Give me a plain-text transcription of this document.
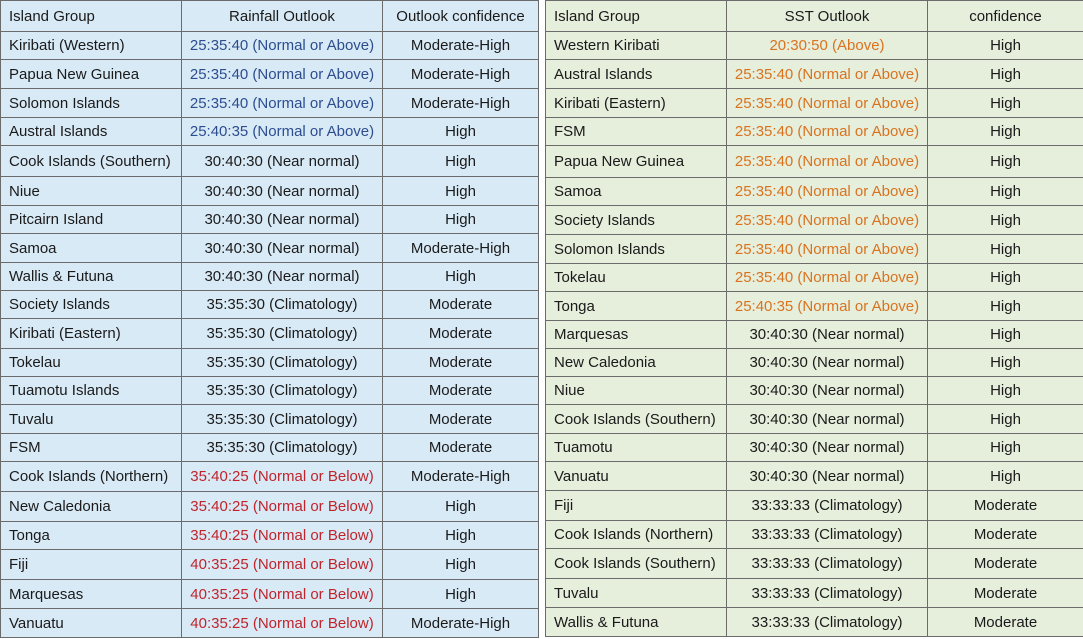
Island Group	Rainfall Outlook	Outlook confidence
Kiribati (Western)	25:35:40 (Normal or Above)	Moderate-High
Papua New Guinea	25:35:40 (Normal or Above)	Moderate-High
Solomon Islands	25:35:40 (Normal or Above)	Moderate-High
Austral Islands	25:40:35 (Normal or Above)	High
Cook Islands (Southern)	30:40:30 (Near normal)	High
Niue	30:40:30 (Near normal)	High
Pitcairn Island	30:40:30 (Near normal)	High
Samoa	30:40:30 (Near normal)	Moderate-High
Wallis & Futuna	30:40:30 (Near normal)	High
Society Islands	35:35:30 (Climatology)	Moderate
Kiribati (Eastern)	35:35:30 (Climatology)	Moderate
Tokelau	35:35:30 (Climatology)	Moderate
Tuamotu Islands	35:35:30 (Climatology)	Moderate
Tuvalu	35:35:30 (Climatology)	Moderate
FSM	35:35:30 (Climatology)	Moderate
Cook Islands (Northern)	35:40:25 (Normal or Below)	Moderate-High
New Caledonia	35:40:25 (Normal or Below)	High
Tonga	35:40:25 (Normal or Below)	High
Fiji	40:35:25 (Normal or Below)	High
Marquesas	40:35:25 (Normal or Below)	High
Vanuatu	40:35:25 (Normal or Below)	Moderate-High
Island Group	SST Outlook	confidence
Western Kiribati	20:30:50 (Above)	High
Austral Islands	25:35:40 (Normal or Above)	High
Kiribati (Eastern)	25:35:40 (Normal or Above)	High
FSM	25:35:40 (Normal or Above)	High
Papua New Guinea	25:35:40 (Normal or Above)	High
Samoa	25:35:40 (Normal or Above)	High
Society Islands	25:35:40 (Normal or Above)	High
Solomon Islands	25:35:40 (Normal or Above)	High
Tokelau	25:35:40 (Normal or Above)	High
Tonga	25:40:35 (Normal or Above)	High
Marquesas	30:40:30 (Near normal)	High
New Caledonia	30:40:30 (Near normal)	High
Niue	30:40:30 (Near normal)	High
Cook Islands (Southern)	30:40:30 (Near normal)	High
Tuamotu	30:40:30 (Near normal)	High
Vanuatu	30:40:30 (Near normal)	High
Fiji	33:33:33 (Climatology)	Moderate
Cook Islands (Northern)	33:33:33 (Climatology)	Moderate
Cook Islands (Southern)	33:33:33 (Climatology)	Moderate
Tuvalu	33:33:33 (Climatology)	Moderate
Wallis & Futuna	33:33:33 (Climatology)	Moderate
